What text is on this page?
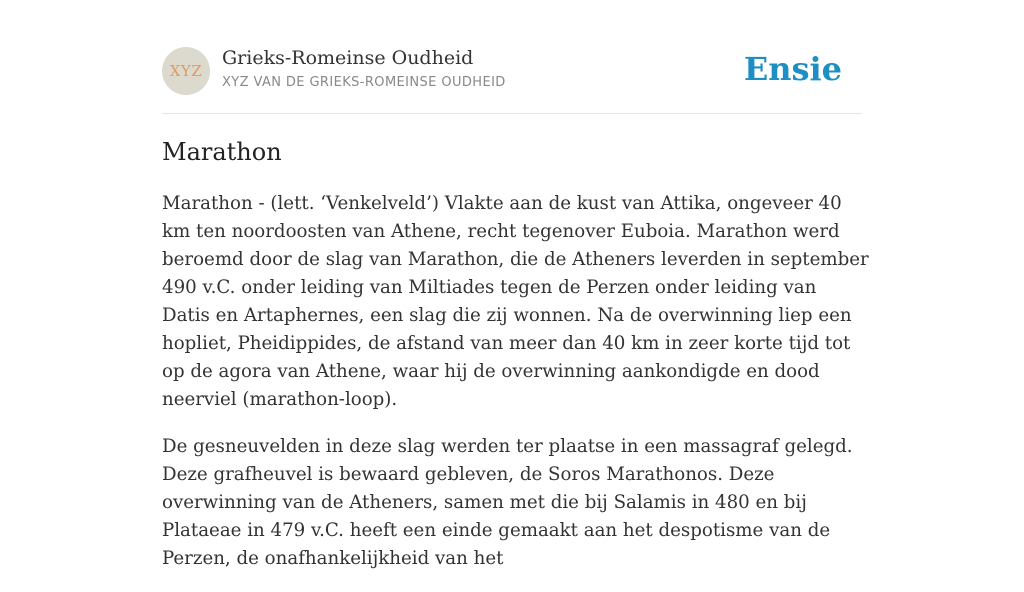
XYZ
Grieks-Romeinse Oudheid
XYZ VAN DE GRIEKS-ROMEINSE OUDHEID	Ensie
Marathon

Marathon - (lett. ‘Venkelveld’) Vlakte aan de kust van Attika, ongeveer 40 km ten noordoosten van Athene, recht tegenover Euboia. Marathon werd beroemd door de slag van Marathon, die de Atheners leverden in september 490 v.C. onder leiding van Miltiades tegen de Perzen onder leiding van Datis en Artaphernes, een slag die zij wonnen. Na de overwinning liep een hopliet, Pheidippides, de afstand van meer dan 40 km in zeer korte tijd tot op de agora van Athene, waar hij de overwinning aankondigde en dood neerviel (marathon-loop).

De gesneuvelden in deze slag werden ter plaatse in een massagraf gelegd. Deze grafheuvel is bewaard gebleven, de Soros Marathonos. Deze overwinning van de Atheners, samen met die bij Salamis in 480 en bij Plataeae in 479 v.C. heeft een einde gemaakt aan het despotisme van de Perzen, de onafhankelijkheid van het
